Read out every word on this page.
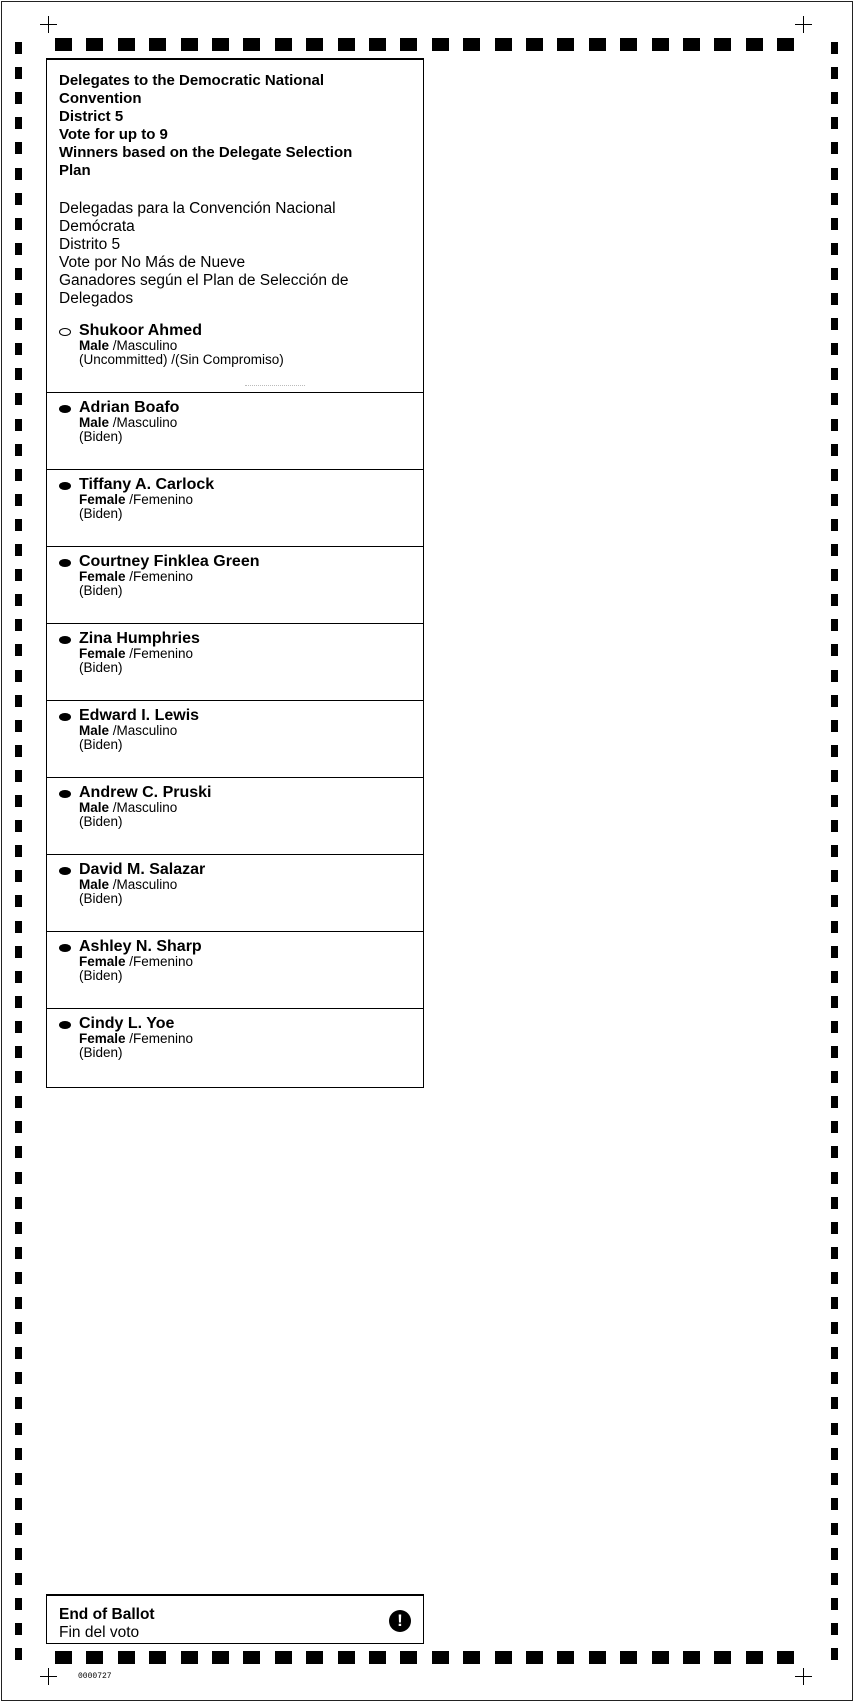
Delegates to the Democratic National
Convention
District 5
Vote for up to 9
Winners based on the Delegate Selection
Plan
Delegadas para la Convención Nacional
Demócrata
Distrito 5
Vote por No Más de Nueve
Ganadores según el Plan de Selección de
Delegados
Shukoor Ahmed
Male /Masculino
(Uncommitted) /(Sin Compromiso)
Adrian Boafo
Male /Masculino
(Biden)
Tiffany A. Carlock
Female /Femenino
(Biden)
Courtney Finklea Green
Female /Femenino
(Biden)
Zina Humphries
Female /Femenino
(Biden)
Edward I. Lewis
Male /Masculino
(Biden)
Andrew C. Pruski
Male /Masculino
(Biden)
David M. Salazar
Male /Masculino
(Biden)
Ashley N. Sharp
Female /Femenino
(Biden)
Cindy L. Yoe
Female /Femenino
(Biden)
End of Ballot
Fin del voto
!
0000727
